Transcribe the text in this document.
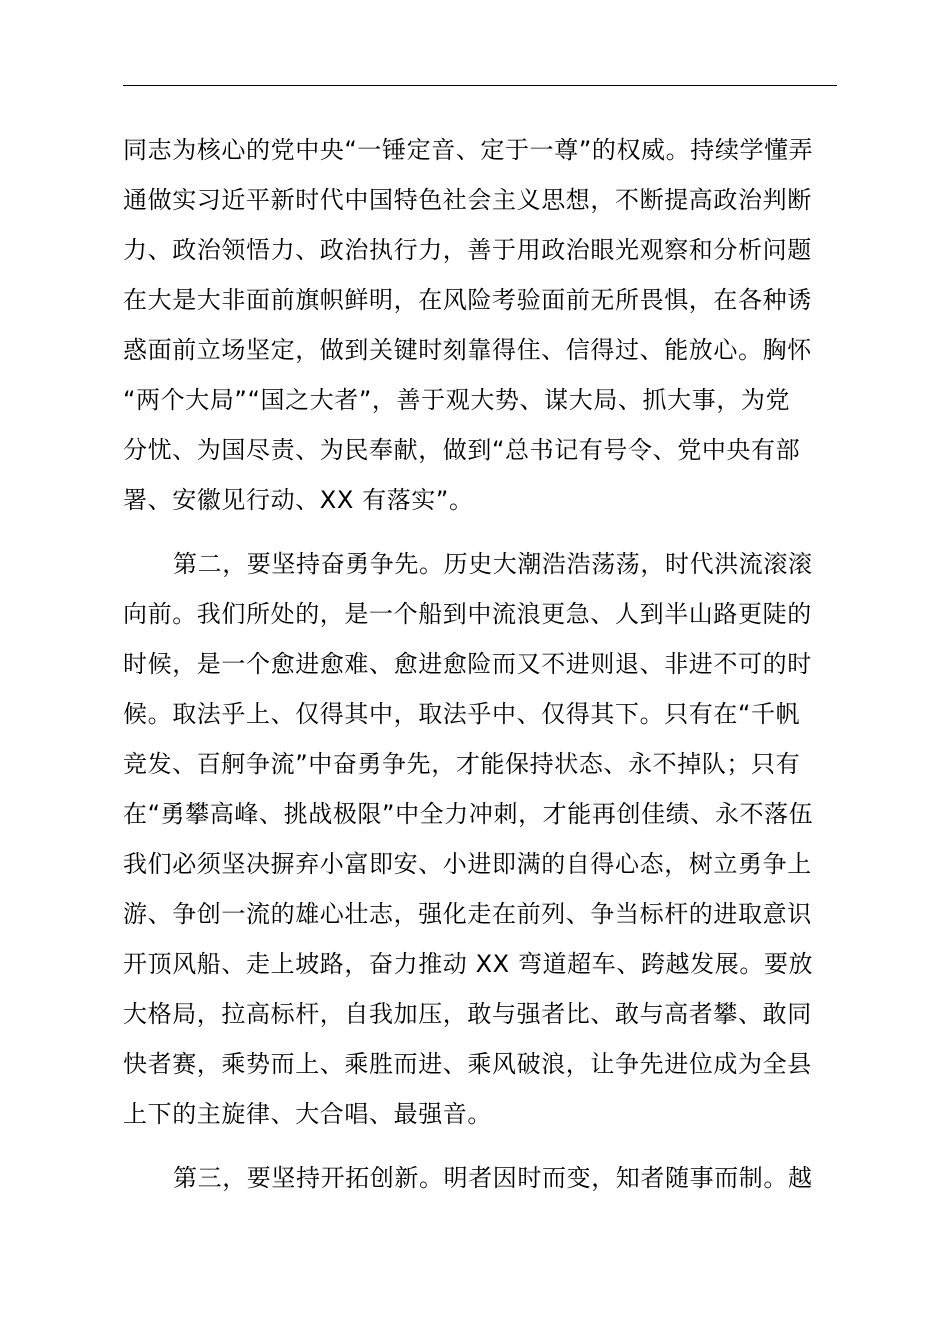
同志为核心的党中央“一锤定音、定于一尊”的权威。持续学懂弄
通做实习近平新时代中国特色社会主义思想，不断提高政治判断
力、政治领悟力、政治执行力，善于用政治眼光观察和分析问题
在大是大非面前旗帜鲜明，在风险考验面前无所畏惧，在各种诱
惑面前立场坚定，做到关键时刻靠得住、信得过、能放心。胸怀
“两个大局”“国之大者”，善于观大势、谋大局、抓大事，为党
分忧、为国尽责、为民奉献，做到“总书记有号令、党中央有部
署、安徽见行动、XX 有落实”。
第二，要坚持奋勇争先。历史大潮浩浩荡荡，时代洪流滚滚
向前。我们所处的，是一个船到中流浪更急、人到半山路更陡的
时候，是一个愈进愈难、愈进愈险而又不进则退、非进不可的时
候。取法乎上、仅得其中，取法乎中、仅得其下。只有在“千帆
竞发、百舸争流”中奋勇争先，才能保持状态、永不掉队；只有
在“勇攀高峰、挑战极限”中全力冲刺，才能再创佳绩、永不落伍
我们必须坚决摒弃小富即安、小进即满的自得心态，树立勇争上
游、争创一流的雄心壮志，强化走在前列、争当标杆的进取意识
开顶风船、走上坡路，奋力推动 XX 弯道超车、跨越发展。要放
大格局，拉高标杆，自我加压，敢与强者比、敢与高者攀、敢同
快者赛，乘势而上、乘胜而进、乘风破浪，让争先进位成为全县
上下的主旋律、大合唱、最强音。
第三，要坚持开拓创新。明者因时而变，知者随事而制。越
